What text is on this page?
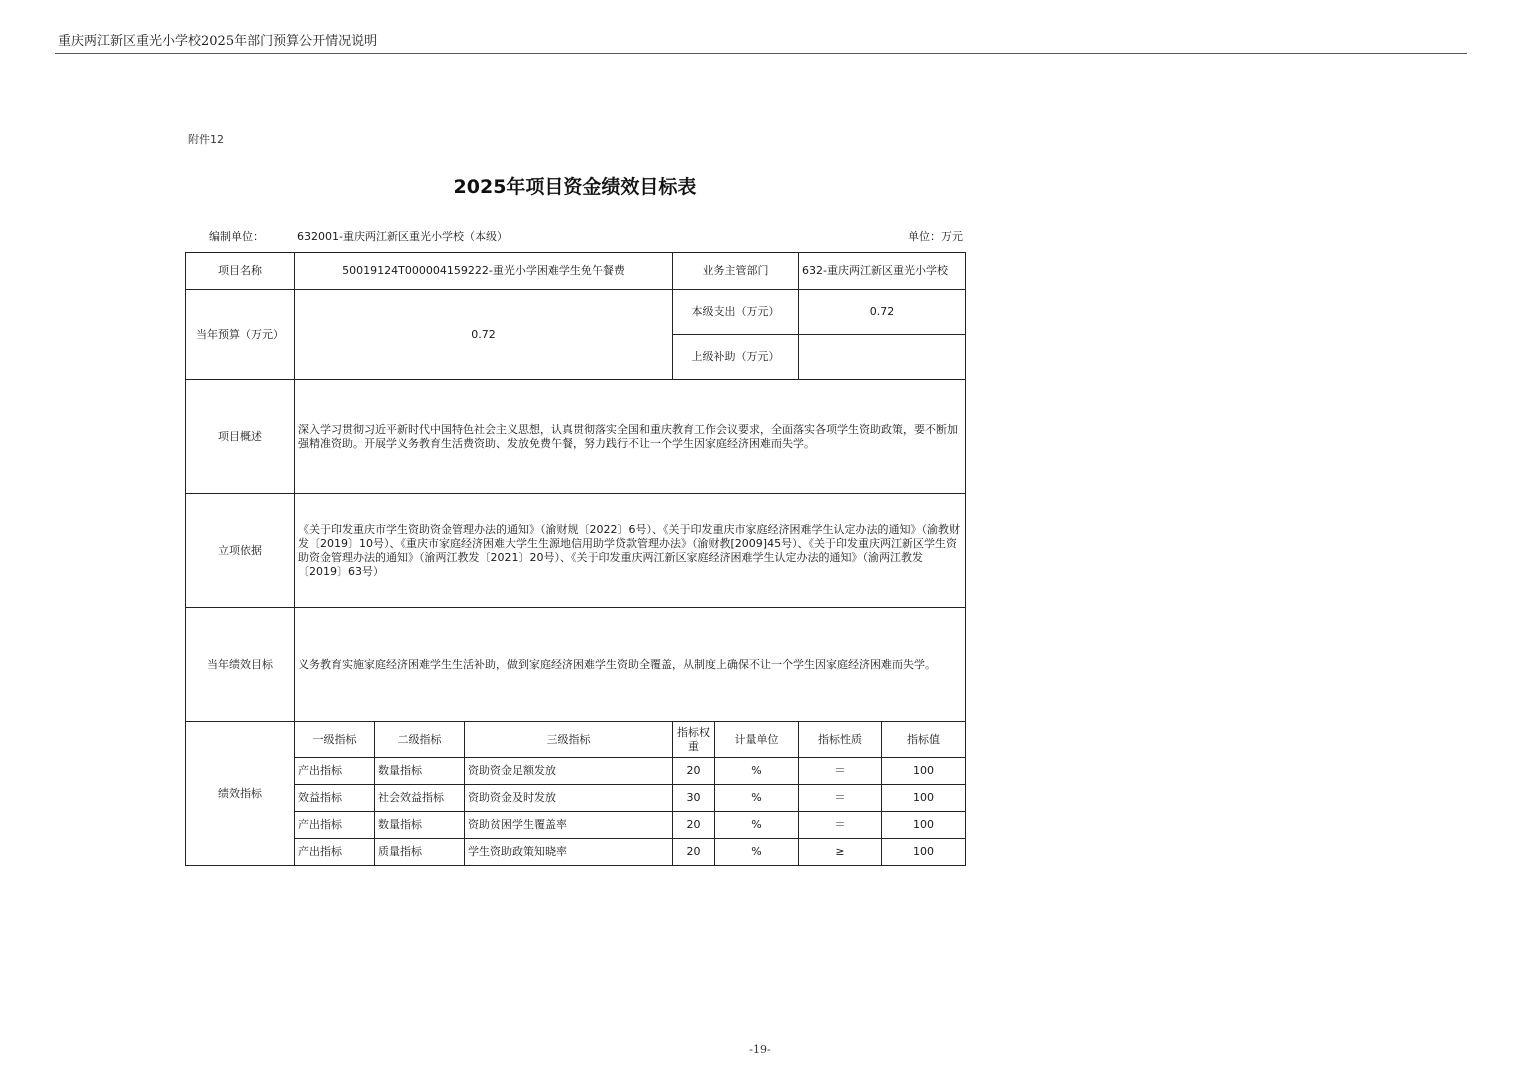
重庆两江新区重光小学校2025年部门预算公开情况说明
附件12
2025年项目资金绩效目标表
编制单位：	632001-重庆两江新区重光小学校（本级）	单位：万元
项目名称	50019124T000004159222-重光小学困难学生免午餐费			业务主管部门		632-重庆两江新区重光小学校	
当年预算（万元）	0.72			本级支出（万元）		0.72	
				上级补助（万元）			
项目概述	深入学习贯彻习近平新时代中国特色社会主义思想，认真贯彻落实全国和重庆教育工作会议要求，全面落实各项学生资助政策，要不断加强精准资助。开展学义务教育生活费资助、发放免费午餐，努力践行不让一个学生因家庭经济困难而失学。						
立项依据	《关于印发重庆市学生资助资金管理办法的通知》（渝财规〔2022〕6号）、《关于印发重庆市家庭经济困难学生认定办法的通知》（渝教财发〔2019〕10号）、《重庆市家庭经济困难大学生生源地信用助学贷款管理办法》（渝财教[2009]45号）、《关于印发重庆两江新区学生资助资金管理办法的通知》（渝两江教发〔2021〕20号）、《关于印发重庆两江新区家庭经济困难学生认定办法的通知》（渝两江教发〔2019〕63号）						
当年绩效目标	义务教育实施家庭经济困难学生生活补助，做到家庭经济困难学生资助全覆盖，从制度上确保不让一个学生因家庭经济困难而失学。						
绩效指标	一级指标	二级指标	三级指标	指标权重	计量单位	指标性质	指标值
	产出指标	数量指标	资助资金足额发放	20	%	＝	100
	效益指标	社会效益指标	资助资金及时发放	30	%	＝	100
	产出指标	数量指标	资助贫困学生覆盖率	20	%	＝	100
	产出指标	质量指标	学生资助政策知晓率	20	%	≥	100
-19-
